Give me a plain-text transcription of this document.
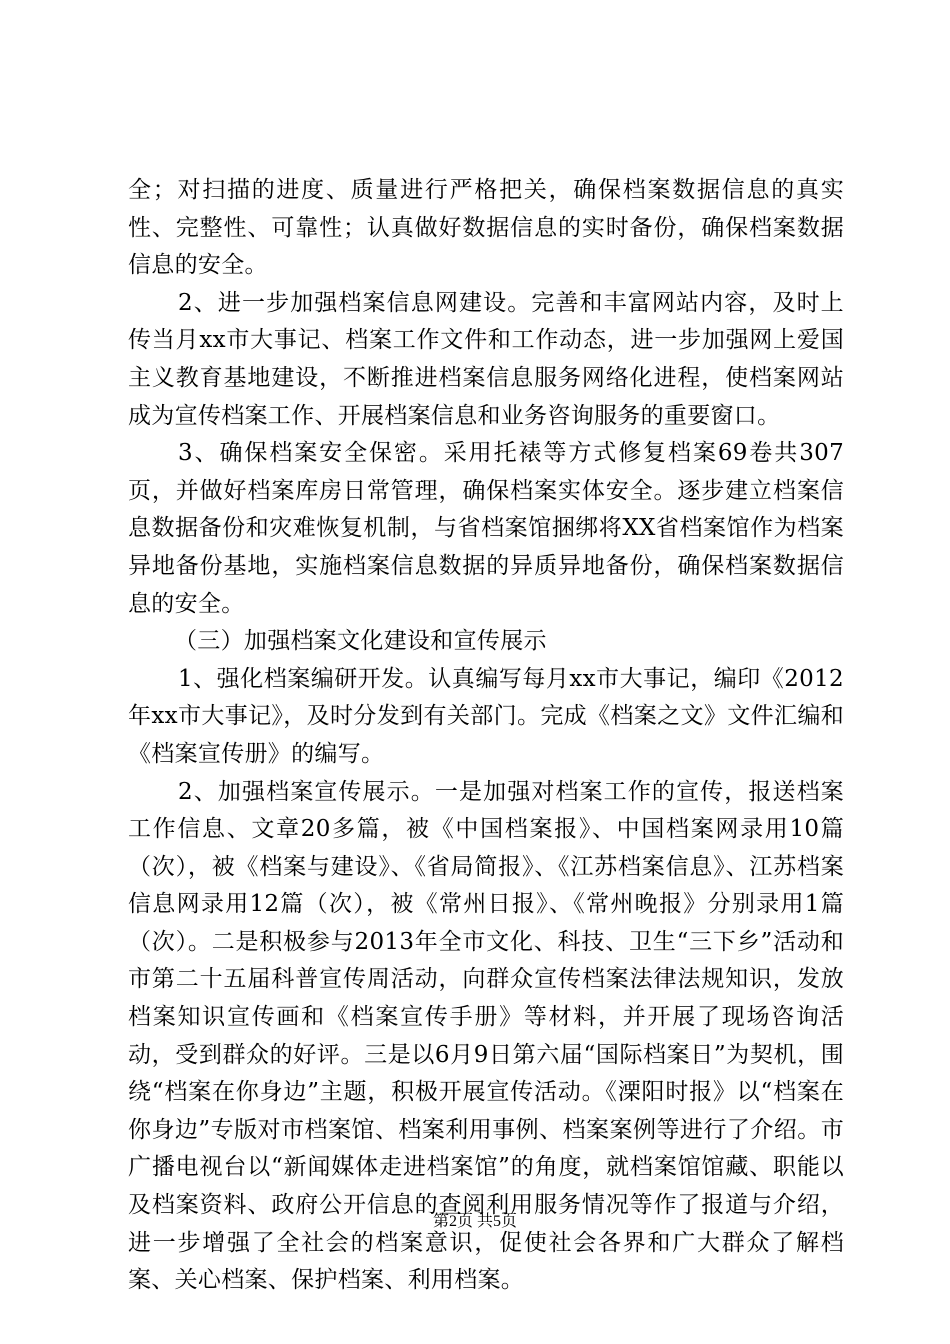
全；对扫描的进度、质量进行严格把关，确保档案数据信息的真实性、完整性、可靠性；认真做好数据信息的实时备份，确保档案数据信息的安全。

2、进一步加强档案信息网建设。完善和丰富网站内容，及时上传当月xx市大事记、档案工作文件和工作动态，进一步加强网上爱国主义教育基地建设，不断推进档案信息服务网络化进程，使档案网站成为宣传档案工作、开展档案信息和业务咨询服务的重要窗口。

3、确保档案安全保密。采用托裱等方式修复档案69卷共307页，并做好档案库房日常管理，确保档案实体安全。逐步建立档案信息数据备份和灾难恢复机制，与省档案馆捆绑将XX省档案馆作为档案异地备份基地，实施档案信息数据的异质异地备份，确保档案数据信息的安全。

（三）加强档案文化建设和宣传展示

1、强化档案编研开发。认真编写每月xx市大事记，编印《2012年xx市大事记》，及时分发到有关部门。完成《档案之文》文件汇编和《档案宣传册》的编写。

2、加强档案宣传展示。一是加强对档案工作的宣传，报送档案工作信息、文章20多篇，被《中国档案报》、中国档案网录用10篇（次），被《档案与建设》、《省局简报》、《江苏档案信息》、江苏档案信息网录用12篇（次），被《常州日报》、《常州晚报》分别录用1篇（次）。二是积极参与2013年全市文化、科技、卫生“三下乡”活动和市第二十五届科普宣传周活动，向群众宣传档案法律法规知识，发放档案知识宣传画和《档案宣传手册》等材料，并开展了现场咨询活动，受到群众的好评。三是以6月9日第六届“国际档案日”为契机，围绕“档案在你身边”主题，积极开展宣传活动。《溧阳时报》以“档案在你身边”专版对市档案馆、档案利用事例、档案案例等进行了介绍。市广播电视台以“新闻媒体走进档案馆”的角度，就档案馆馆藏、职能以及档案资料、政府公开信息的查阅利用服务情况等作了报道与介绍，进一步增强了全社会的档案意识，促使社会各界和广大群众了解档案、关心档案、保护档案、利用档案。

第2页 共5页
